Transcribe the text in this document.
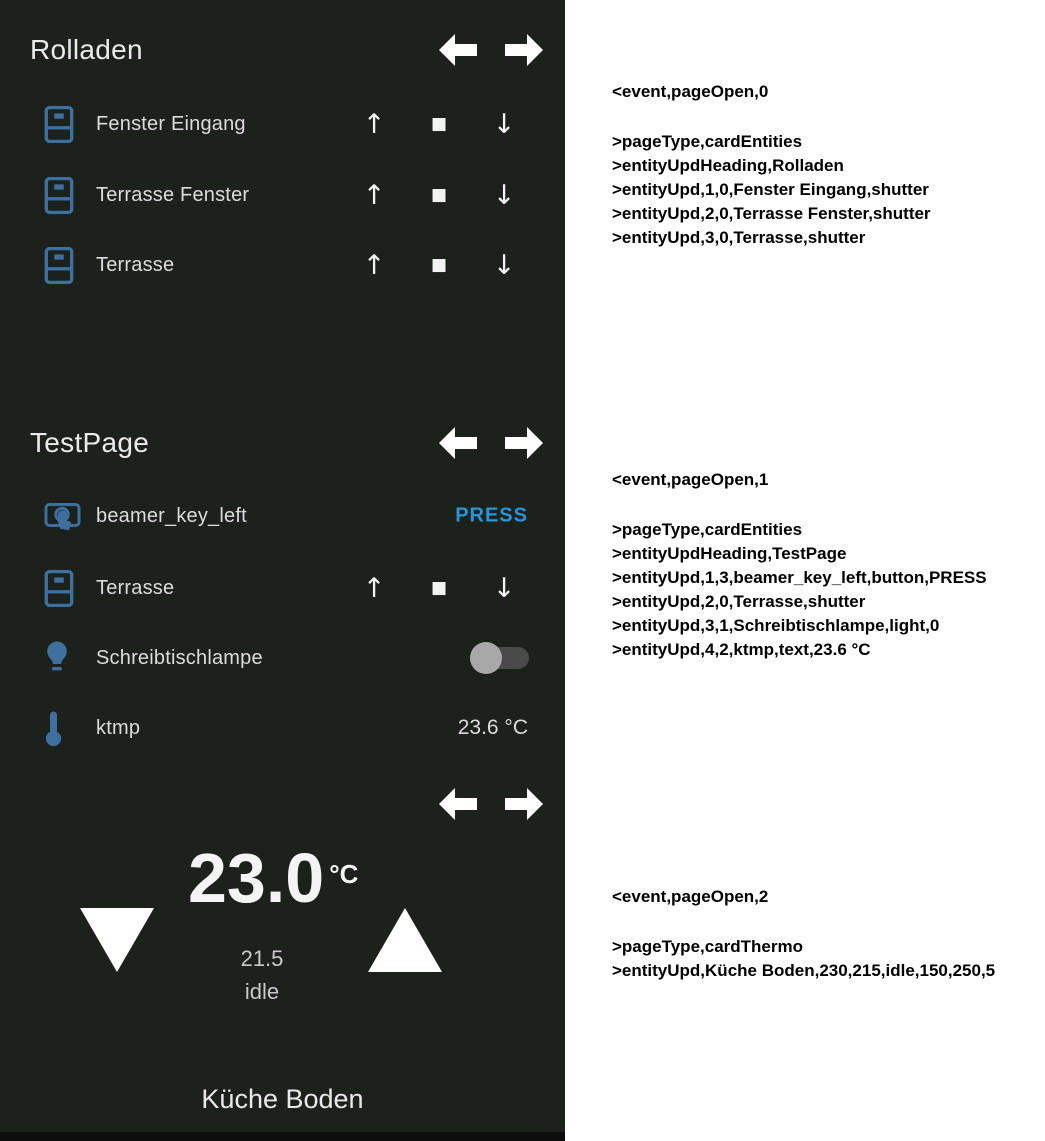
Rolladen
Fenster Eingang	↑	■	↓
Terrasse Fenster	↑	■	↓
Terrasse	↑	■	↓
TestPage
beamer_key_left	PRESS
Terrasse	↑	■	↓
Schreibtischlampe
ktmp	23.6 °C
23.0 $^{^\circ C}$
21.5
idle
Küche Boden
<event,pageOpen,0
>pageType,cardEntities
>entityUpdHeading,Rolladen
>entityUpd,1,0,Fenster Eingang,shutter
>entityUpd,2,0,Terrasse Fenster,shutter
>entityUpd,3,0,Terrasse,shutter
<event,pageOpen,1
>pageType,cardEntities
>entityUpdHeading,TestPage
>entityUpd,1,3,beamer_key_left,button,PRESS
>entityUpd,2,0,Terrasse,shutter
>entityUpd,3,1,Schreibtischlampe,light,0
>entityUpd,4,2,ktmp,text,23.6 °C
<event,pageOpen,2
>pageType,cardThermo
>entityUpd,Küche Boden,230,215,idle,150,250,5
